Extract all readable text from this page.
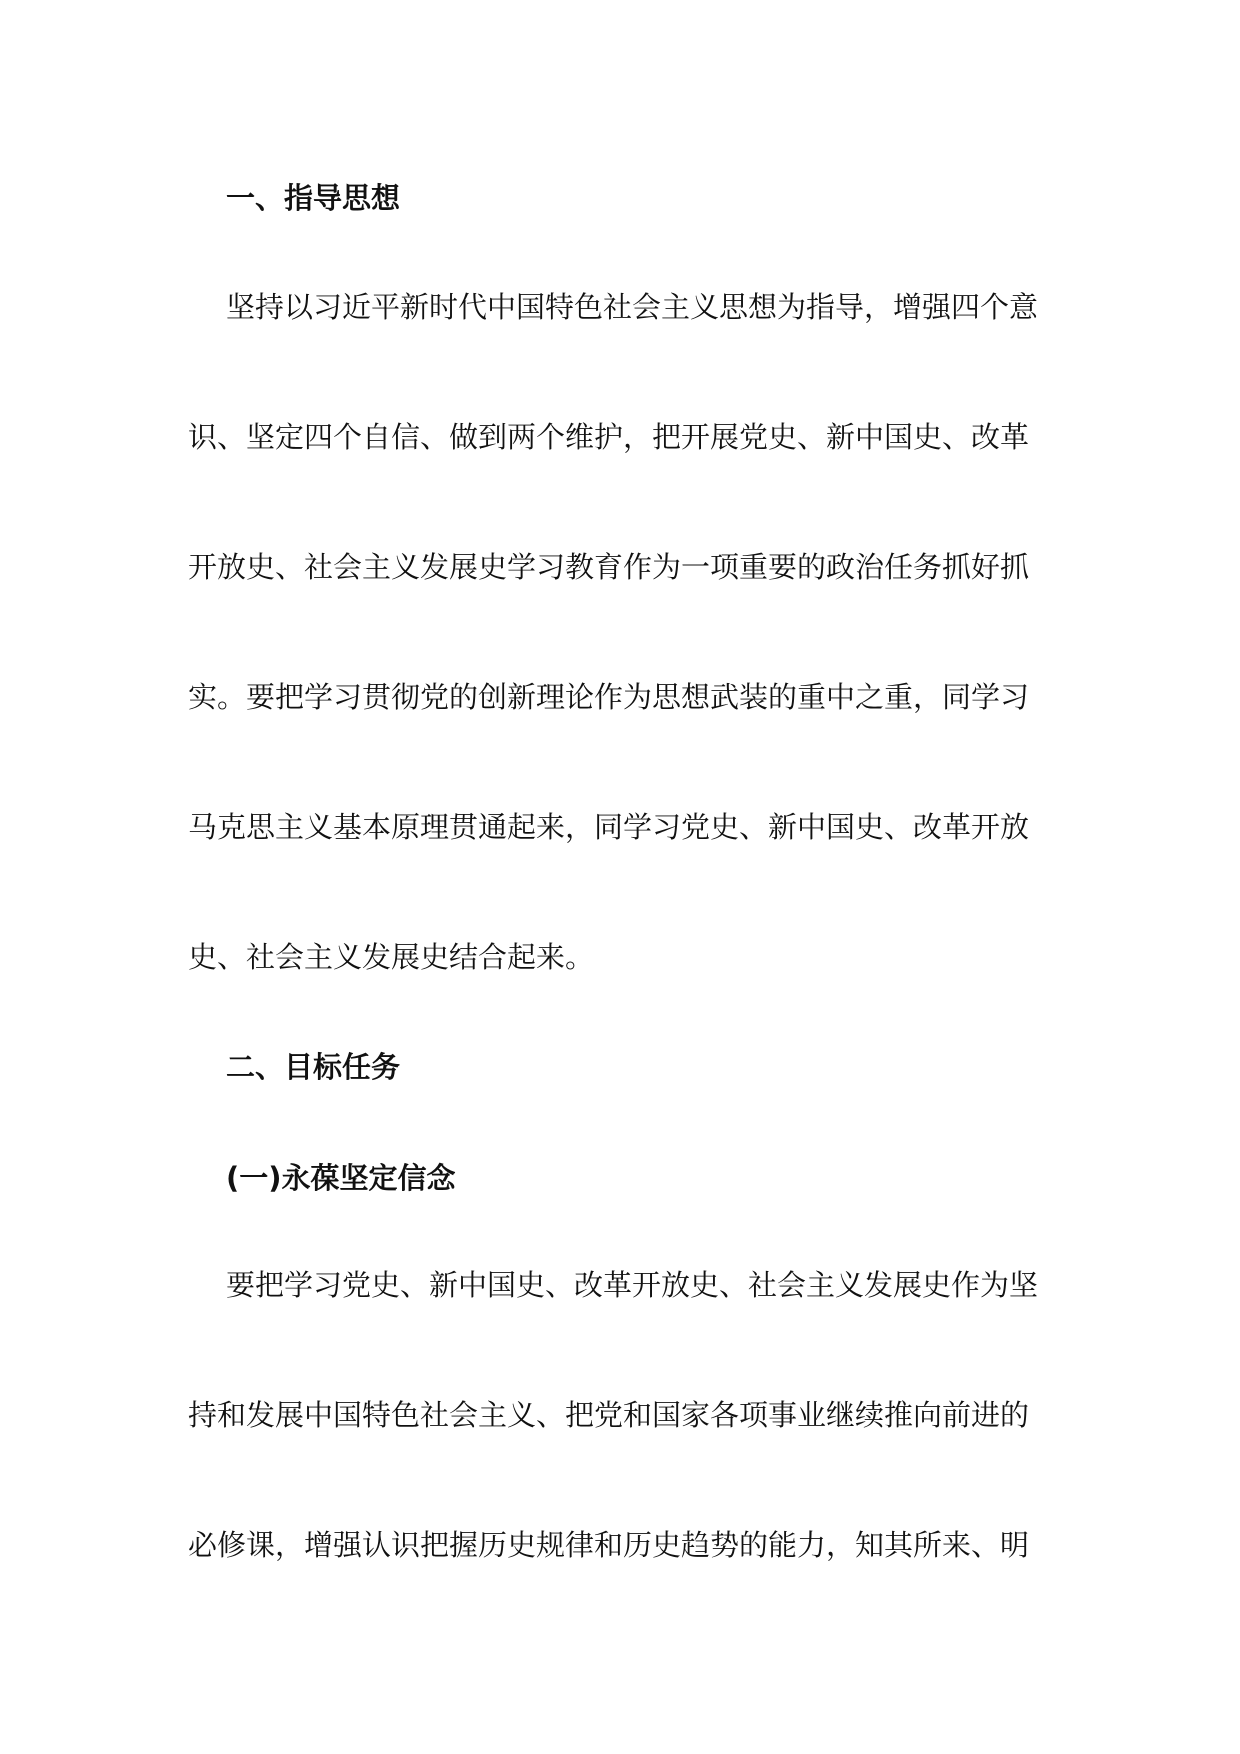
一、指导思想
坚持以习近平新时代中国特色社会主义思想为指导，增强四个意
识、坚定四个自信、做到两个维护，把开展党史、新中国史、改革
开放史、社会主义发展史学习教育作为一项重要的政治任务抓好抓
实。要把学习贯彻党的创新理论作为思想武装的重中之重，同学习
马克思主义基本原理贯通起来，同学习党史、新中国史、改革开放
史、社会主义发展史结合起来。
二、目标任务
(一)永葆坚定信念
要把学习党史、新中国史、改革开放史、社会主义发展史作为坚
持和发展中国特色社会主义、把党和国家各项事业继续推向前进的
必修课，增强认识把握历史规律和历史趋势的能力，知其所来、明
